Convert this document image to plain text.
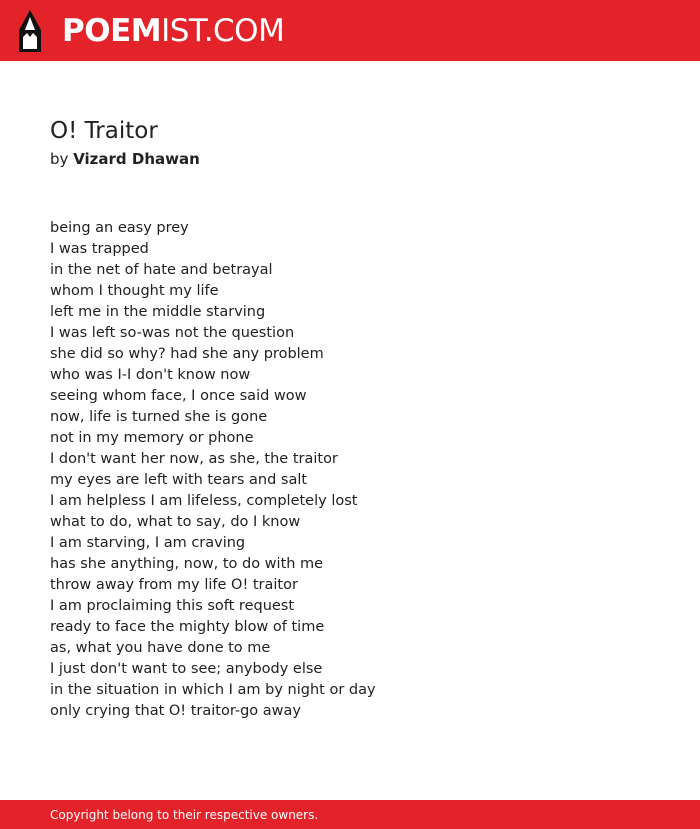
POEMIST.COM
O! Traitor
by Vizard Dhawan
being an easy prey
I was trapped
in the net of hate and betrayal
whom I thought my life
left me in the middle starving
I was left so-was not the question
she did so why? had she any problem
who was I-I don't know now
seeing whom face, I once said wow
now, life is turned she is gone
not in my memory or phone
I don't want her now, as she, the traitor
my eyes are left with tears and salt
I am helpless I am lifeless, completely lost
what to do, what to say, do I know
I am starving, I am craving
has she anything, now, to do with me
throw away from my life O! traitor
I am proclaiming this soft request
ready to face the mighty blow of time
as, what you have done to me
I just don't want to see; anybody else
in the situation in which I am by night or day
only crying that O! traitor-go away
Copyright belong to their respective owners.
